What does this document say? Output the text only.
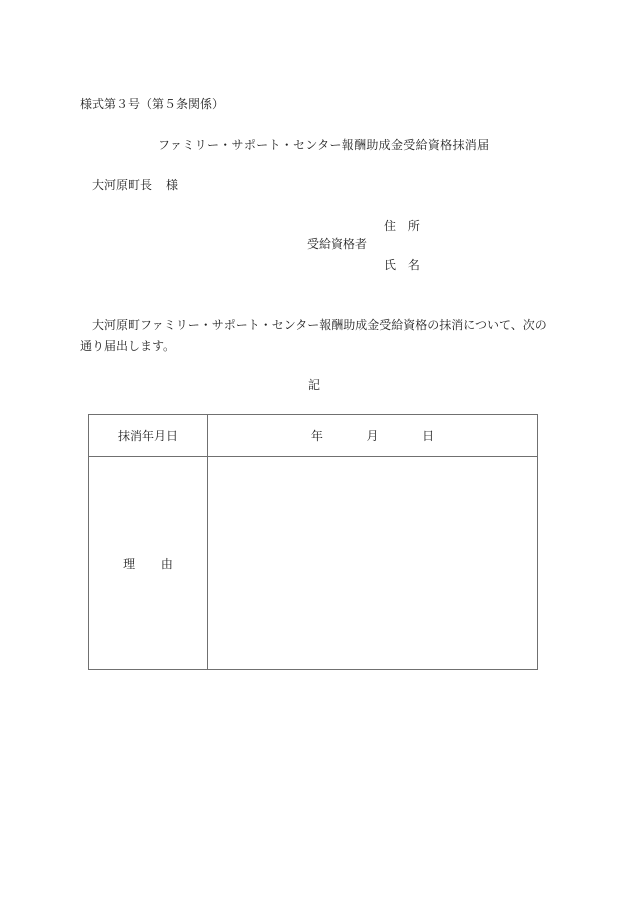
様式第３号（第５条関係）
ファミリー・サポート・センター報酬助成金受給資格抹消届
大河原町長 様
住 所
受給資格者
氏 名
大河原町ファミリー・サポート・センター報酬助成金受給資格の抹消について、次の通り届出します。
記
抹消年月日	年 月 日
理 由	
